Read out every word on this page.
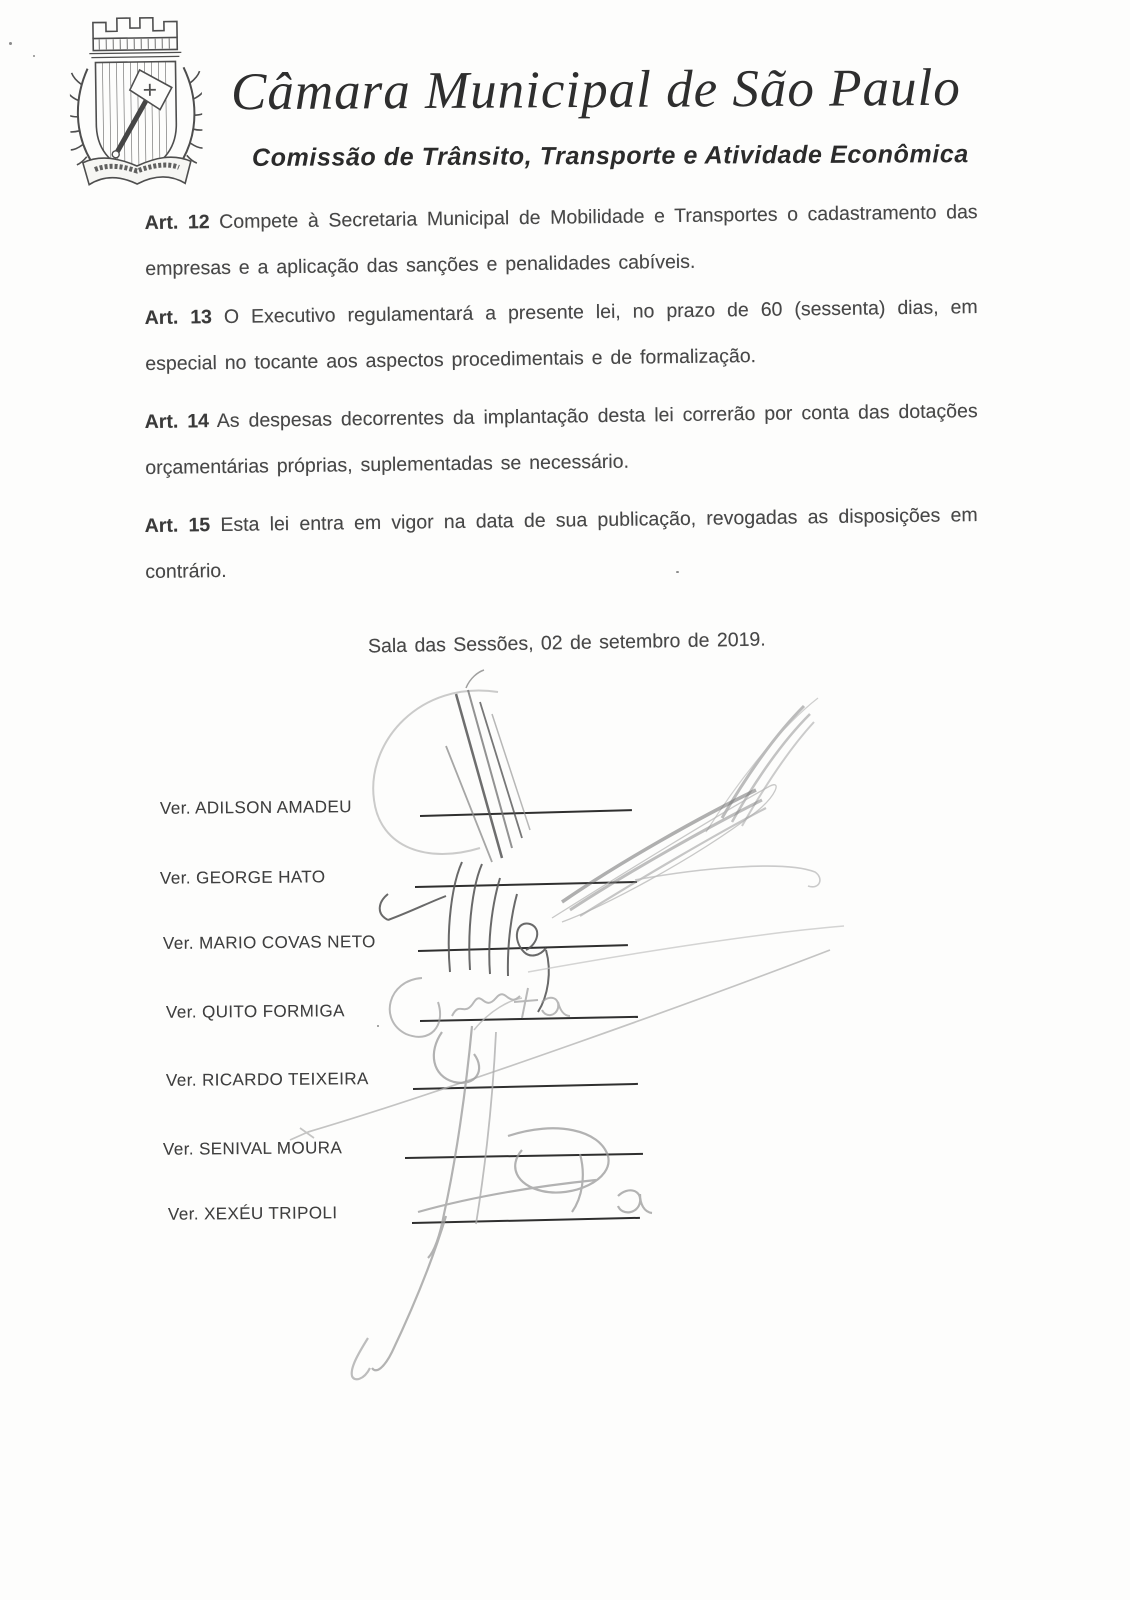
Câmara Municipal de São Paulo
Comissão de Trânsito, Transporte e Atividade Econômica

Art. 12 Compete à Secretaria Municipal de Mobilidade e Transportes o cadastramento das empresas e a aplicação das sanções e penalidades cabíveis.

Art. 13 O Executivo regulamentará a presente lei, no prazo de 60 (sessenta) dias, em especial no tocante aos aspectos procedimentais e de formalização.

Art. 14 As despesas decorrentes da implantação desta lei correrão por conta das dotações orçamentárias próprias, suplementadas se necessário.

Art. 15 Esta lei entra em vigor na data de sua publicação, revogadas as disposições em contrário.

Sala das Sessões, 02 de setembro de 2019.
Ver. ADILSON AMADEU
Ver. GEORGE HATO
Ver. MARIO COVAS NETO
Ver. QUITO FORMIGA
Ver. RICARDO TEIXEIRA
Ver. SENIVAL MOURA
Ver. XEXÉU TRIPOLI
